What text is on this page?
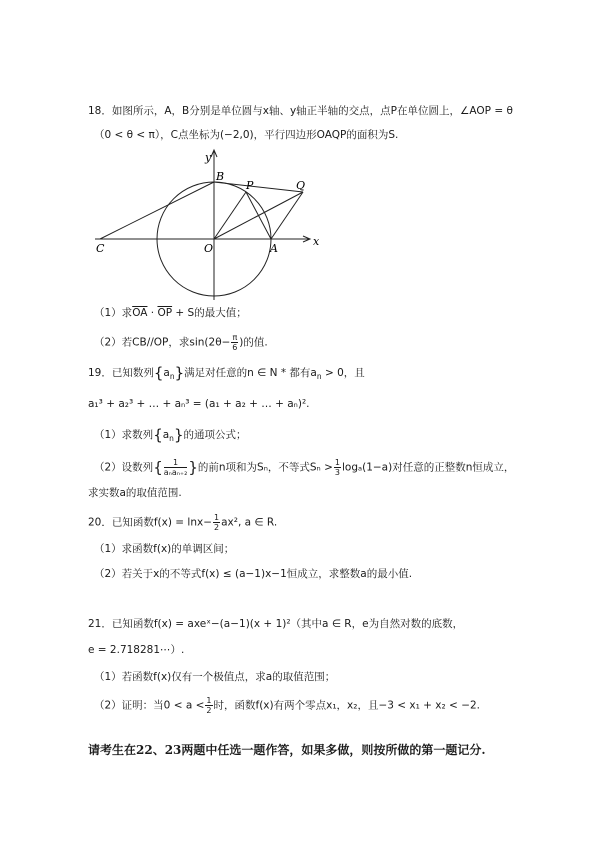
18．如图所示，A，B分别是单位圆与x轴、y轴正半轴的交点，点P在单位圆上，∠AOP = θ
（0 < θ < π），C点坐标为(−2,0)，平行四边形OAQP的面积为S.
y
x
B
P	Q
C	O	A
（1）求$\overline{OA} \cdot \overline{OP} + S$的最大值；
（2）若CB//OP，求$\sin(2\theta- \frac{\pi}{6}$ )的值.
19．已知数列$\{a_n\}$满足对任意的n ∈ N * 都有$a_n > 0$，且
a₁³ + a₂³ + … + aₙ³ = (a₁ + a₂ + … + aₙ)².
（1）求数列$\{a_n\}$的通项公式；
（2）设数列{ $\frac{1}{\text{aₙaₙ₊₂}}$ }的前n项和为Sₙ，不等式$S_n > \frac{1}{3} \log_a(1-a)$对任意的正整数n恒成立，
求实数a的取值范围.
20．已知函数$f(x) = \ln x- \frac{1}{2} ax^2$, a ∈ R.
（1）求函数f(x)的单调区间；
（2）若关于x的不等式f(x) ≤ (a−1)x−1恒成立，求整数a的最小值.
21．已知函数f(x) = axeˣ−(a−1)(x + 1)²（其中a ∈ R，e为自然对数的底数，
e = 2.718281⋯）.
（1）若函数f(x)仅有一个极值点，求a的取值范围；
（2）证明：当$0 < a < \frac{1}{2}$ 时，函数f(x)有两个零点x₁，x₂，且−3 < x₁ + x₂ < −2.
请考生在22、23两题中任选一题作答，如果多做，则按所做的第一题记分.
